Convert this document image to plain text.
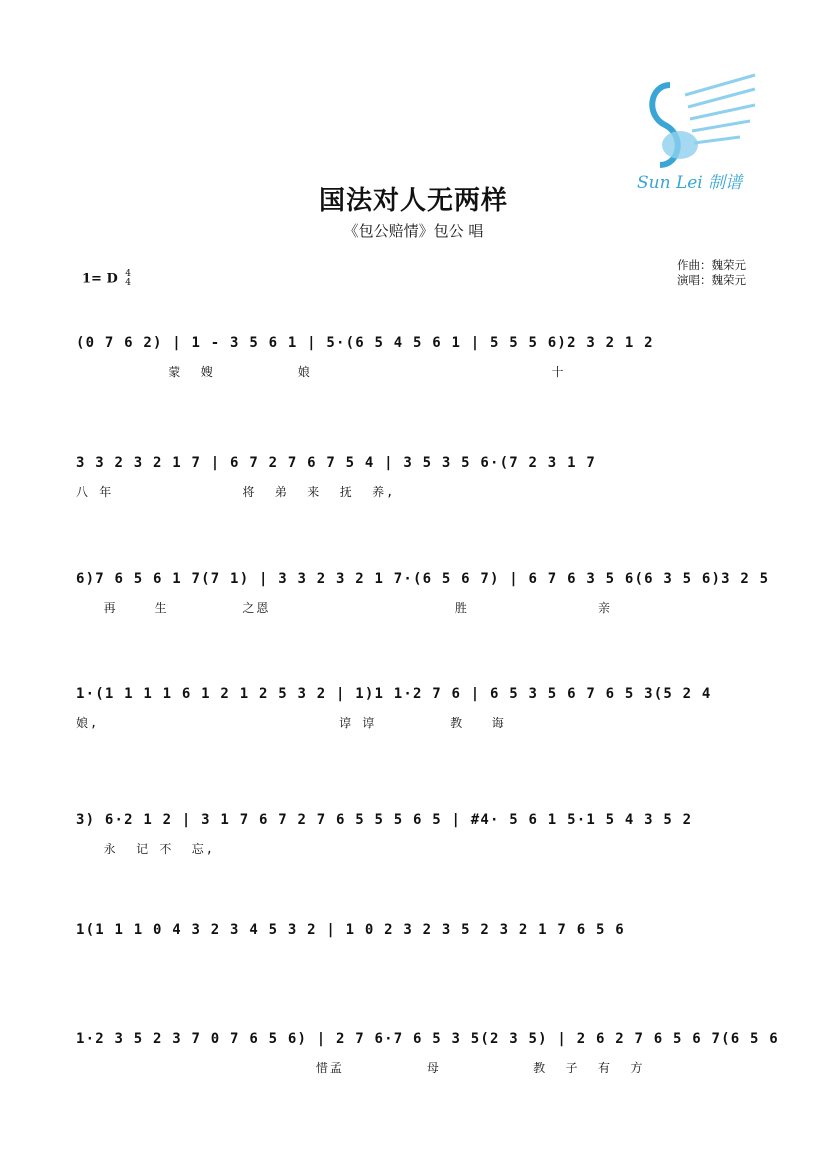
Sun Lei 制谱
国法对人无两样
《包公赔情》包公 唱
1= D 4
4
作曲：魏荣元
演唱：魏荣元
(0 7 6 2) | 1 - 3 5 6 1 | 5·(6 5 4 5 6 1 | 5 5 5 6)2 3 2 1 2
蒙  嫂         娘                          十
3 3 2 3 2 1 7 | 6 7 2 7 6 7 5 4 | 3 5 3 5 6·(7 2 3 1 7
八 年              将  弟  来  抚  养,
6)7 6 5 6 1 7(7 1) | 3 3 2 3 2 1 7·(6 5 6 7) | 6 7 6 3 5 6(6 3 5 6)3 2 5
再    生        之恩                    胜              亲
1·(1 1 1 1 6 1 2 1 2 5 3 2 | 1)1 1·2 7 6 | 6 5 3 5 6 7 6 5 3(5 2 4
娘,                          谆 谆        教   诲
3) 6·2 1 2 | 3 1 7 6 7 2 7 6 5 5 5 6 5 | #4· 5 6 1 5·1 5 4 3 5 2
永  记 不  忘,
1(1 1 1 0 4 3 2 3 4 5 3 2 | 1 0 2 3 2 3 5 2 3 2 1 7 6 5 6
1·2 3 5 2 3 7 0 7 6 5 6) | 2 7 6·7 6 5 3 5(2 3 5) | 2 6 2 7 6 5 6 7(6 5 6
惜孟         母          教  子  有  方
